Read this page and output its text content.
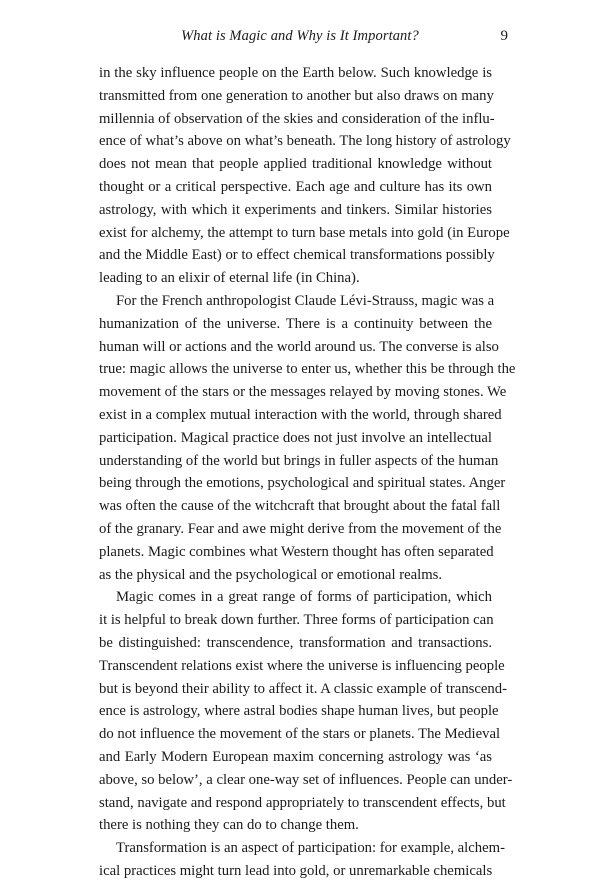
What is Magic and Why is It Important?	9
in the sky influence people on the Earth below. Such knowledge is
transmitted from one generation to another but also draws on many
millennia of observation of the skies and consideration of the influ-
ence of what’s above on what’s beneath. The long history of astrology
does not mean that people applied traditional knowledge without
thought or a critical perspective. Each age and culture has its own
astrology, with which it experiments and tinkers. Similar histories
exist for alchemy, the attempt to turn base metals into gold (in Europe
and the Middle East) or to effect chemical transformations possibly
leading to an elixir of eternal life (in China).
For the French anthropologist Claude Lévi-Strauss, magic was a
humanization of the universe. There is a continuity between the
human will or actions and the world around us. The converse is also
true: magic allows the universe to enter us, whether this be through the
movement of the stars or the messages relayed by moving stones. We
exist in a complex mutual interaction with the world, through shared
participation. Magical practice does not just involve an intellectual
understanding of the world but brings in fuller aspects of the human
being through the emotions, psychological and spiritual states. Anger
was often the cause of the witchcraft that brought about the fatal fall
of the granary. Fear and awe might derive from the movement of the
planets. Magic combines what Western thought has often separated
as the physical and the psychological or emotional realms.
Magic comes in a great range of forms of participation, which
it is helpful to break down further. Three forms of participation can
be distinguished: transcendence, transformation and transactions.
Transcendent relations exist where the universe is influencing people
but is beyond their ability to affect it. A classic example of transcend-
ence is astrology, where astral bodies shape human lives, but people
do not influence the movement of the stars or planets. The Medieval
and Early Modern European maxim concerning astrology was ‘as
above, so below’, a clear one-way set of influences. People can under-
stand, navigate and respond appropriately to transcendent effects, but
there is nothing they can do to change them.
Transformation is an aspect of participation: for example, alchem-
ical practices might turn lead into gold, or unremarkable chemicals
